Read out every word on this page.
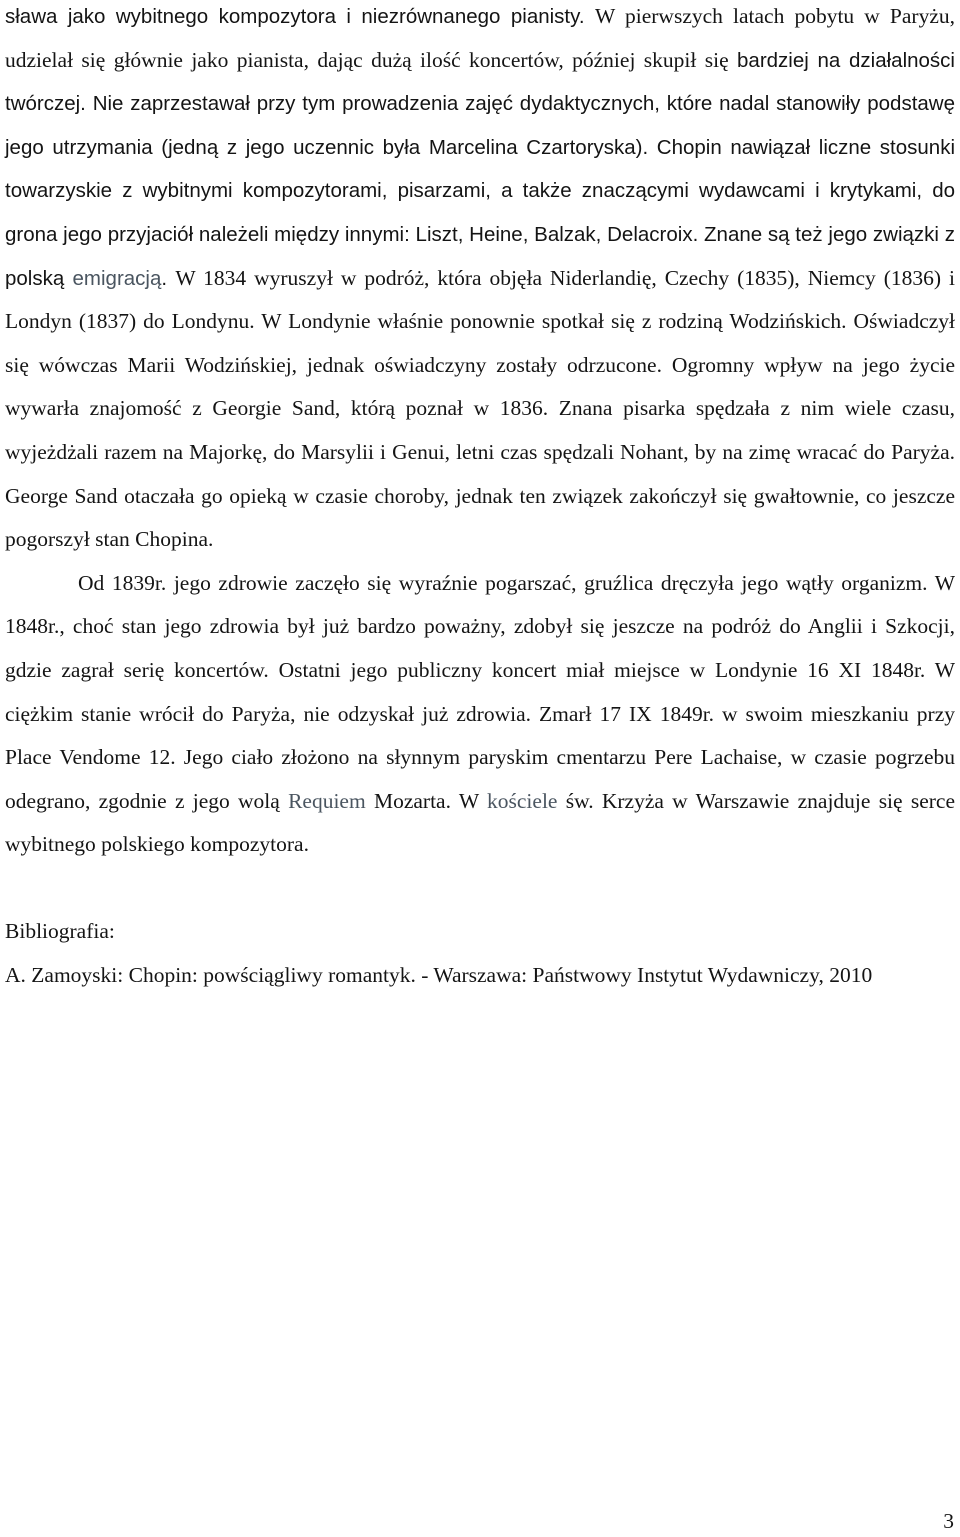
sława jako wybitnego kompozytora i niezrównanego pianisty. W pierwszych latach pobytu w Paryżu, udzielał się głównie jako pianista, dając dużą ilość koncertów, później skupił się bardziej na działalności twórczej. Nie zaprzestawał przy tym prowadzenia zajęć dydaktycznych, które nadal stanowiły podstawę jego utrzymania (jedną z jego uczennic była Marcelina Czartoryska). Chopin nawiązał liczne stosunki towarzyskie z wybitnymi kompozytorami, pisarzami, a także znaczącymi wydawcami i krytykami, do grona jego przyjaciół należeli między innymi: Liszt, Heine, Balzak, Delacroix. Znane są też jego związki z polską emigracją. W 1834 wyruszył w podróż, która objęła Niderlandię, Czechy (1835), Niemcy (1836) i Londyn (1837) do Londynu. W Londynie właśnie ponownie spotkał się z rodziną Wodzińskich. Oświadczył się wówczas Marii Wodzińskiej, jednak oświadczyny zostały odrzucone. Ogromny wpływ na jego życie wywarła znajomość z Georgie Sand, którą poznał w 1836. Znana pisarka spędzała z nim wiele czasu, wyjeżdżali razem na Majorkę, do Marsylii i Genui, letni czas spędzali Nohant, by na zimę wracać do Paryża. George Sand otaczała go opieką w czasie choroby, jednak ten związek zakończył się gwałtownie, co jeszcze pogorszył stan Chopina.

Od 1839r. jego zdrowie zaczęło się wyraźnie pogarszać, gruźlica dręczyła jego wątły organizm. W 1848r., choć stan jego zdrowia był już bardzo poważny, zdobył się jeszcze na podróż do Anglii i Szkocji, gdzie zagrał serię koncertów. Ostatni jego publiczny koncert miał miejsce w Londynie 16 XI 1848r. W ciężkim stanie wrócił do Paryża, nie odzyskał już zdrowia. Zmarł 17 IX 1849r. w swoim mieszkaniu przy Place Vendome 12. Jego ciało złożono na słynnym paryskim cmentarzu Pere Lachaise, w czasie pogrzebu odegrano, zgodnie z jego wolą Requiem Mozarta. W kościele św. Krzyża w Warszawie znajduje się serce wybitnego polskiego kompozytora.

Bibliografia:

A. Zamoyski: Chopin: powściągliwy romantyk. - Warszawa: Państwowy Instytut Wydawniczy, 2010

3
